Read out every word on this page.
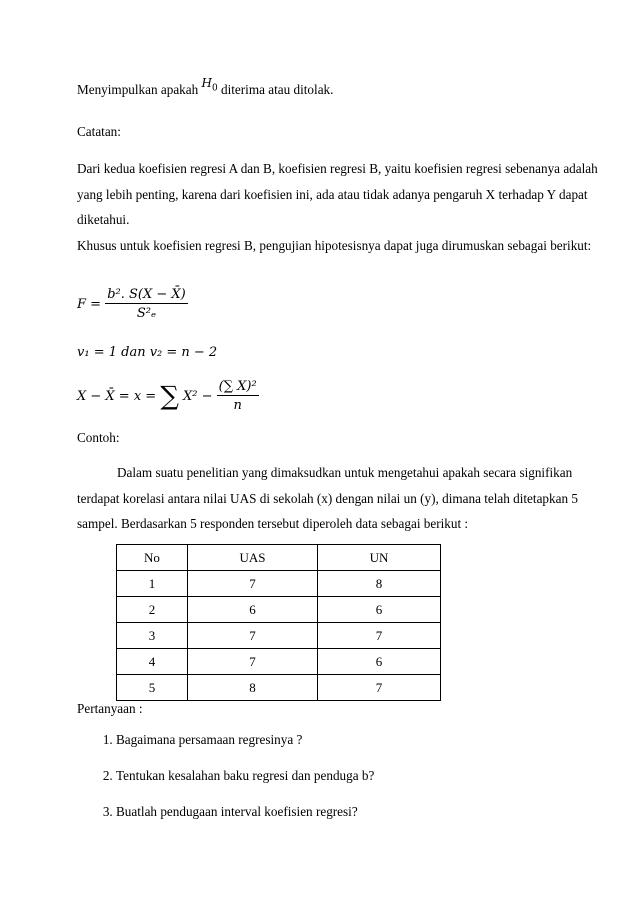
Menyimpulkan apakah $H_0$ diterima atau ditolak.

Catatan:

Dari kedua koefisien regresi A dan B, koefisien regresi B, yaitu koefisien regresi sebenanya adalah yang lebih penting, karena dari koefisien ini, ada atau tidak adanya pengaruh X terhadap Y dapat diketahui.

Khusus untuk koefisien regresi B, pengujian hipotesisnya dapat juga dirumuskan sebagai berikut:

$F = \frac{\text{b². S(X − X̄)}}{\text{S²ₑ}}$
v₁ = 1 dan v₂ = n − 2
X − X̄ = x = ∑ $X^2 - \frac{\text{(∑ X)²}}{n}$

Contoh:

Dalam suatu penelitian yang dimaksudkan untuk mengetahui apakah secara signifikan terdapat korelasi antara nilai UAS di sekolah (x) dengan nilai un (y), dimana telah ditetapkan 5 sampel. Berdasarkan 5 responden tersebut diperoleh data sebagai berikut :

No	UAS	UN
1	7	8
2	6	6
3	7	7
4	7	6
5	8	7

Pertanyaan :

1. Bagaimana persamaan regresinya ?
2. Tentukan kesalahan baku regresi dan penduga b?
3. Buatlah pendugaan interval koefisien regresi?
